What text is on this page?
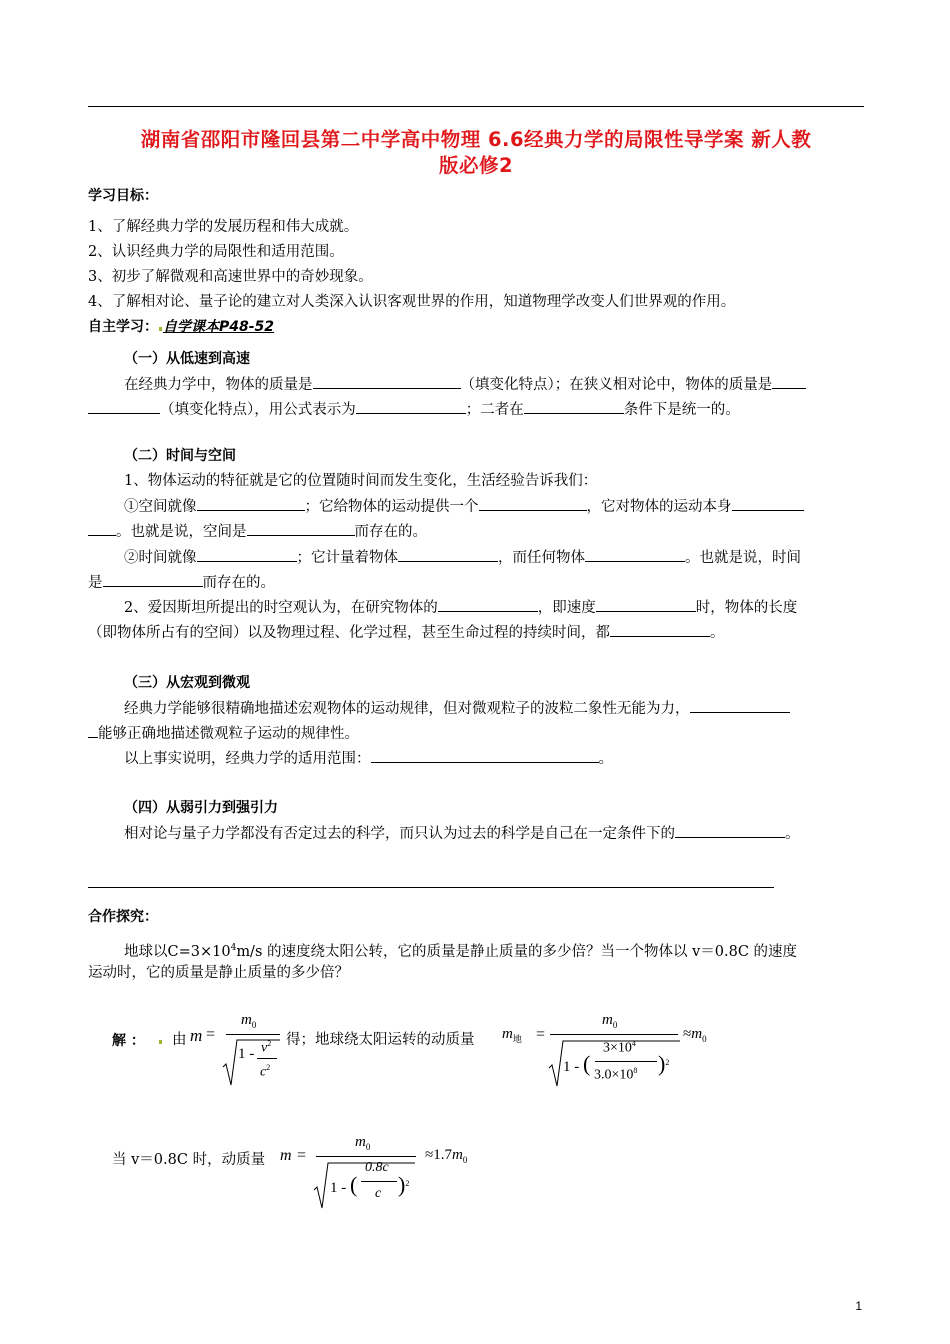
湖南省邵阳市隆回县第二中学高中物理 6.6经典力学的局限性导学案 新人教
版必修2
学习目标：
1、了解经典力学的发展历程和伟大成就。
2、认识经典力学的局限性和适用范围。
3、初步了解微观和高速世界中的奇妙现象。
4、了解相对论、量子论的建立对人类深入认识客观世界的作用，知道物理学改变人们世界观的作用。
自主学习： 自学课本P48-52
（一）从低速到高速
在经典力学中，物体的质量是	（填变化特点）；在狭义相对论中，物体的质量是
（填变化特点），用公式表示为	；二者在	条件下是统一的。
（二）时间与空间
1、物体运动的特征就是它的位置随时间而发生变化，生活经验告诉我们：
①空间就像	；它给物体的运动提供一个	，它对物体的运动本身
。也就是说，空间是	而存在的。
②时间就像	；它计量着物体	，而任何物体	。也就是说，时间
是	而存在的。
2、爱因斯坦所提出的时空观认为，在研究物体的	，即速度	时，物体的长度
（即物体所占有的空间）以及物理过程、化学过程，甚至生命过程的持续时间，都	。
（三）从宏观到微观
经典力学能够很精确地描述宏观物体的运动规律，但对微观粒子的波粒二象性无能为力，
能够正确地描述微观粒子运动的规律性。
以上事实说明，经典力学的适用范围：	。
（四）从弱引力到强引力
相对论与量子力学都没有否定过去的科学，而只认为过去的科学是自己在一定条件下的	。
合作探究：
地球以$C=3\times 10^4m/s$ 的速度绕太阳公转，它的质量是静止质量的多少倍？当一个物体以 v＝0.8C 的速度
运动时，它的质量是静止质量的多少倍？
解 ： 由 m =
$m_0$
$1 - v^2$
$c^2$
得；地球绕太阳运转的动质量 $m_地$ =
$m_0$
1 - (
$3\times 10^4$
$3.0\times 10^8$ )$^2$
$\approx m_0$
当 v＝0.8C 时，动质量 m =
$m_0$
1 - (
0.8c
c )$^2$
$\approx 1.7m_0$
1
